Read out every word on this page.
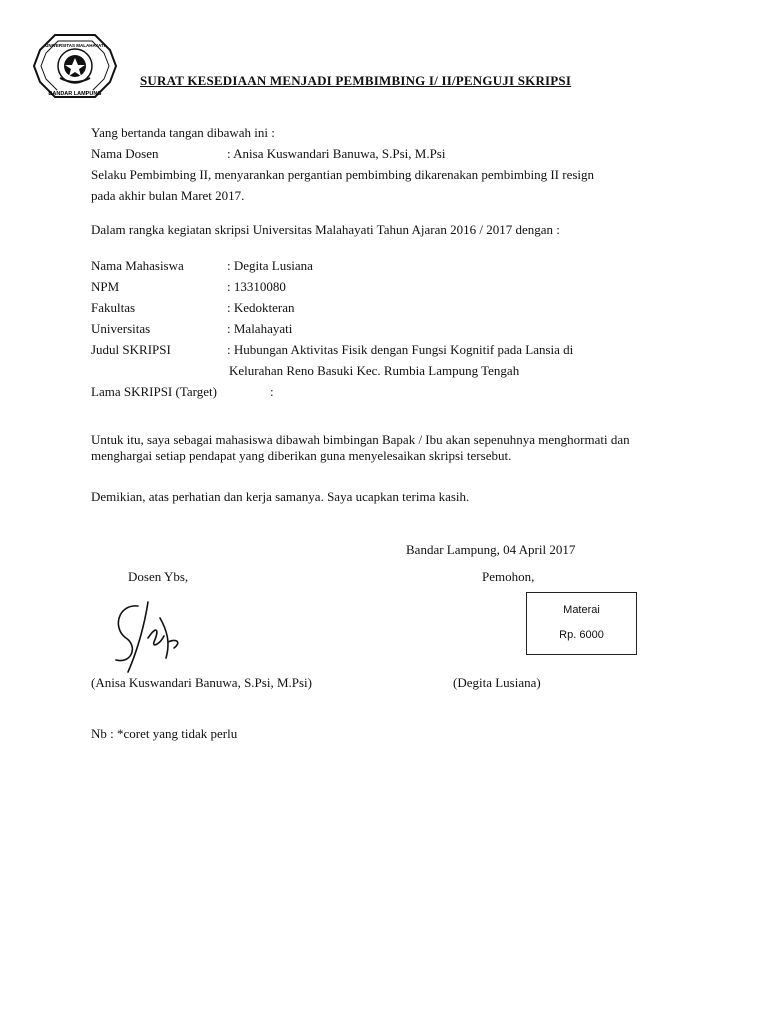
BANDAR LAMPUNG
UNIVERSITAS MALAHAYATI
SURAT KESEDIAAN MENJADI PEMBIMBING I/ II/PENGUJI SKRIPSI
Yang bertanda tangan dibawah ini :
Nama Dosen	: Anisa Kuswandari Banuwa, S.Psi, M.Psi
Selaku Pembimbing II, menyarankan pergantian pembimbing dikarenakan pembimbing II resign
pada akhir bulan Maret 2017.
Dalam rangka kegiatan skripsi Universitas Malahayati Tahun Ajaran 2016 / 2017 dengan :
Nama Mahasiswa	: Degita Lusiana
NPM	: 13310080
Fakultas	: Kedokteran
Universitas	: Malahayati
Judul SKRIPSI	: Hubungan Aktivitas Fisik dengan Fungsi Kognitif pada Lansia di
Kelurahan Reno Basuki Kec. Rumbia Lampung Tengah
Lama SKRIPSI (Target)	:
Untuk itu, saya sebagai mahasiswa dibawah bimbingan Bapak / Ibu akan sepenuhnya menghormati dan menghargai setiap pendapat yang diberikan guna menyelesaikan skripsi tersebut.
Demikian, atas perhatian dan kerja samanya. Saya ucapkan terima kasih.
Bandar Lampung, 04 April 2017
Dosen Ybs,	Pemohon,
Materai
Rp. 6000
(Anisa Kuswandari Banuwa, S.Psi, M.Psi)	(Degita Lusiana)
Nb : *coret yang tidak perlu
